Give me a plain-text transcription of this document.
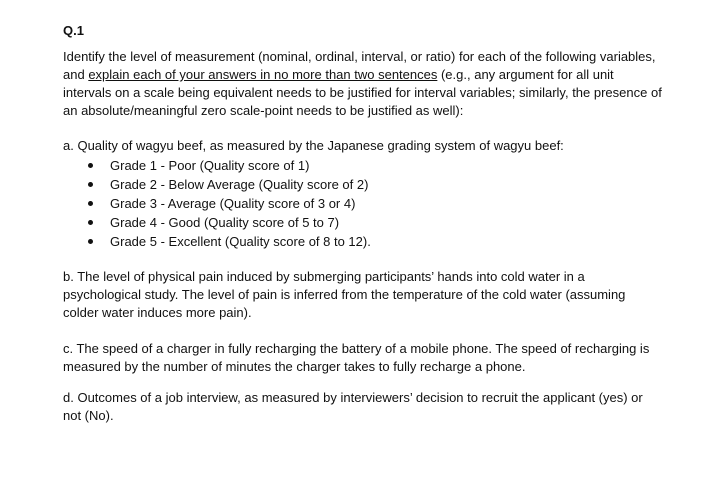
Q.1

Identify the level of measurement (nominal, ordinal, interval, or ratio) for each of the following variables, and explain each of your answers in no more than two sentences (e.g., any argument for all unit intervals on a scale being equivalent needs to be justified for interval variables; similarly, the presence of an absolute/meaningful zero scale-point needs to be justified as well):

a. Quality of wagyu beef, as measured by the Japanese grading system of wagyu beef:

Grade 1 - Poor (Quality score of 1)
Grade 2 - Below Average (Quality score of 2)
Grade 3 - Average (Quality score of 3 or 4)
Grade 4 - Good (Quality score of 5 to 7)
Grade 5 - Excellent (Quality score of 8 to 12).

b. The level of physical pain induced by submerging participants’ hands into cold water in a psychological study. The level of pain is inferred from the temperature of the cold water (assuming colder water induces more pain).

c. The speed of a charger in fully recharging the battery of a mobile phone. The speed of recharging is measured by the number of minutes the charger takes to fully recharge a phone.

d. Outcomes of a job interview, as measured by interviewers’ decision to recruit the applicant (yes) or not (No).
